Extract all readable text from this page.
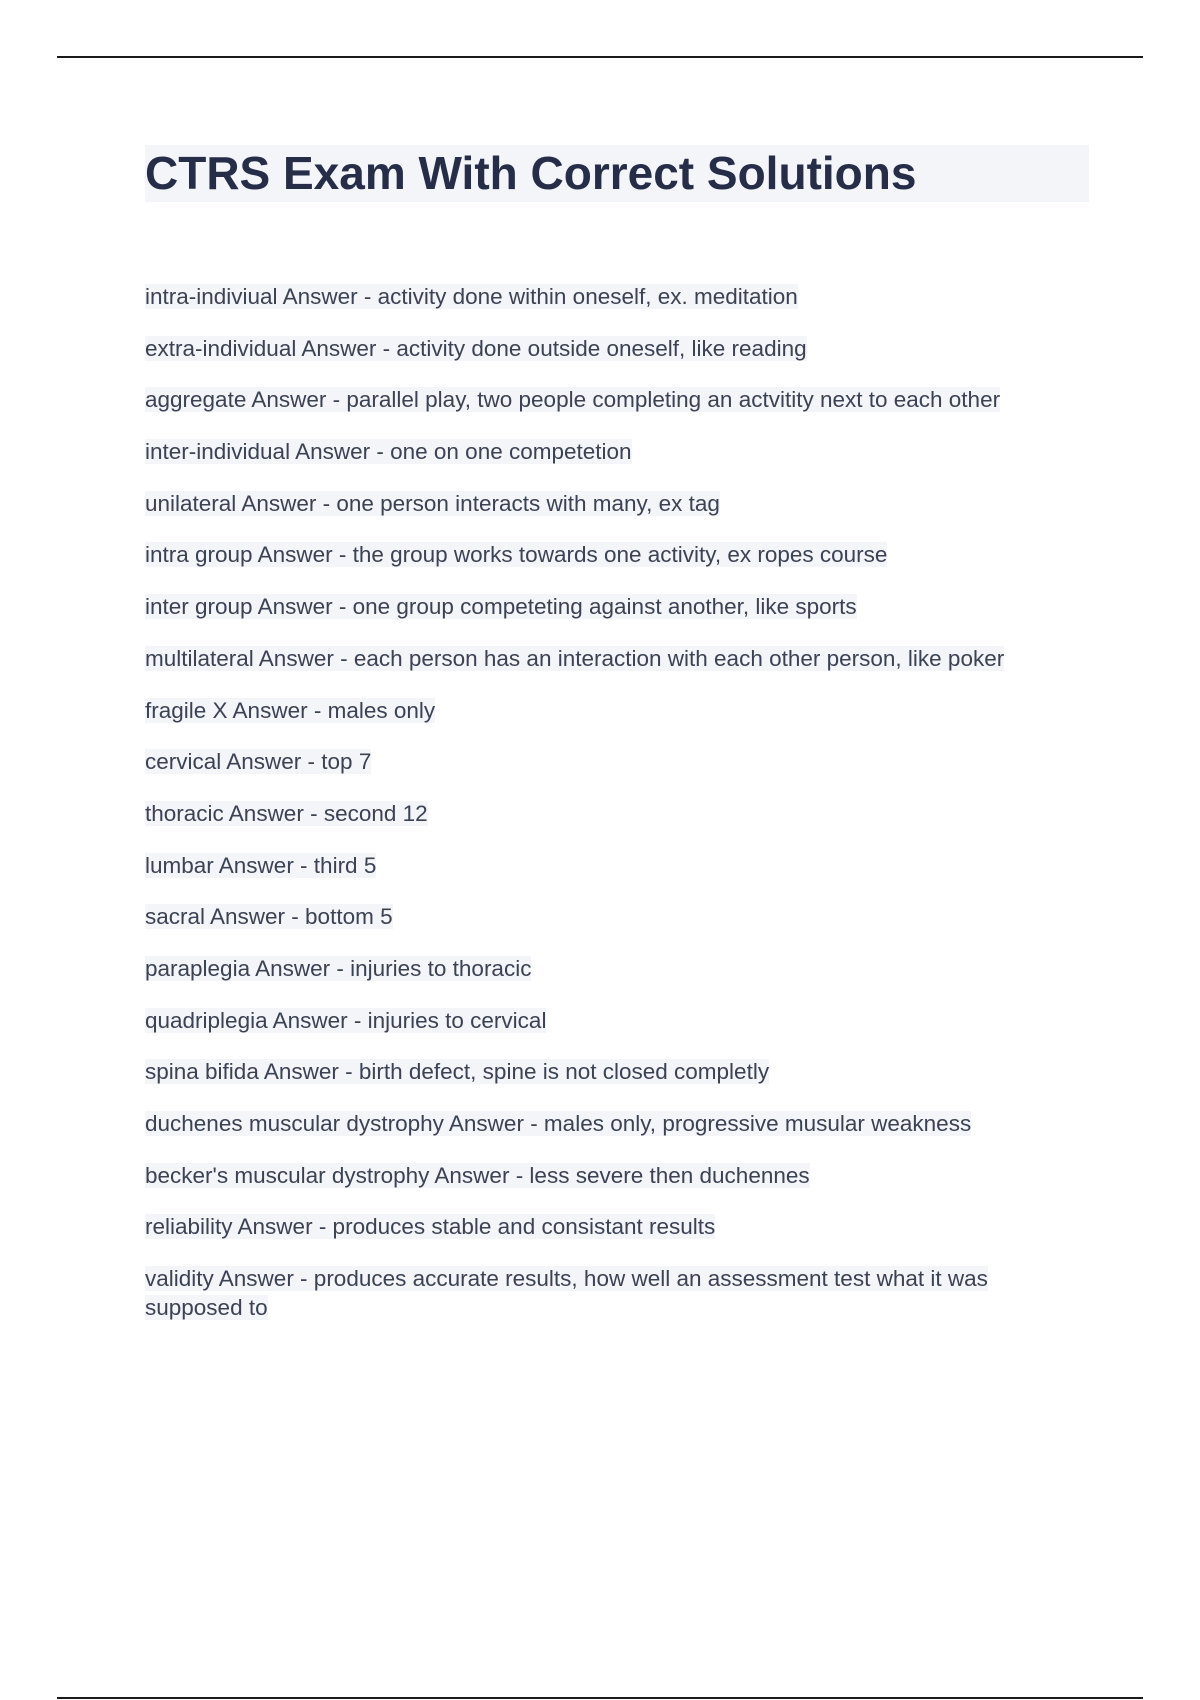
CTRS Exam With Correct Solutions
intra-indiviual Answer - activity done within oneself, ex. meditation
extra-individual Answer - activity done outside oneself, like reading
aggregate Answer - parallel play, two people completing an actvitity next to each other
inter-individual Answer - one on one competetion
unilateral Answer - one person interacts with many, ex tag
intra group Answer - the group works towards one activity, ex ropes course
inter group Answer - one group competeting against another, like sports
multilateral Answer - each person has an interaction with each other person, like poker
fragile X Answer - males only
cervical Answer - top 7
thoracic Answer - second 12
lumbar Answer - third 5
sacral Answer - bottom 5
paraplegia Answer - injuries to thoracic
quadriplegia Answer - injuries to cervical
spina bifida Answer - birth defect, spine is not closed completly
duchenes muscular dystrophy Answer - males only, progressive musular weakness
becker's muscular dystrophy Answer - less severe then duchennes
reliability Answer - produces stable and consistant results
validity Answer - produces accurate results, how well an assessment test what it was supposed to
